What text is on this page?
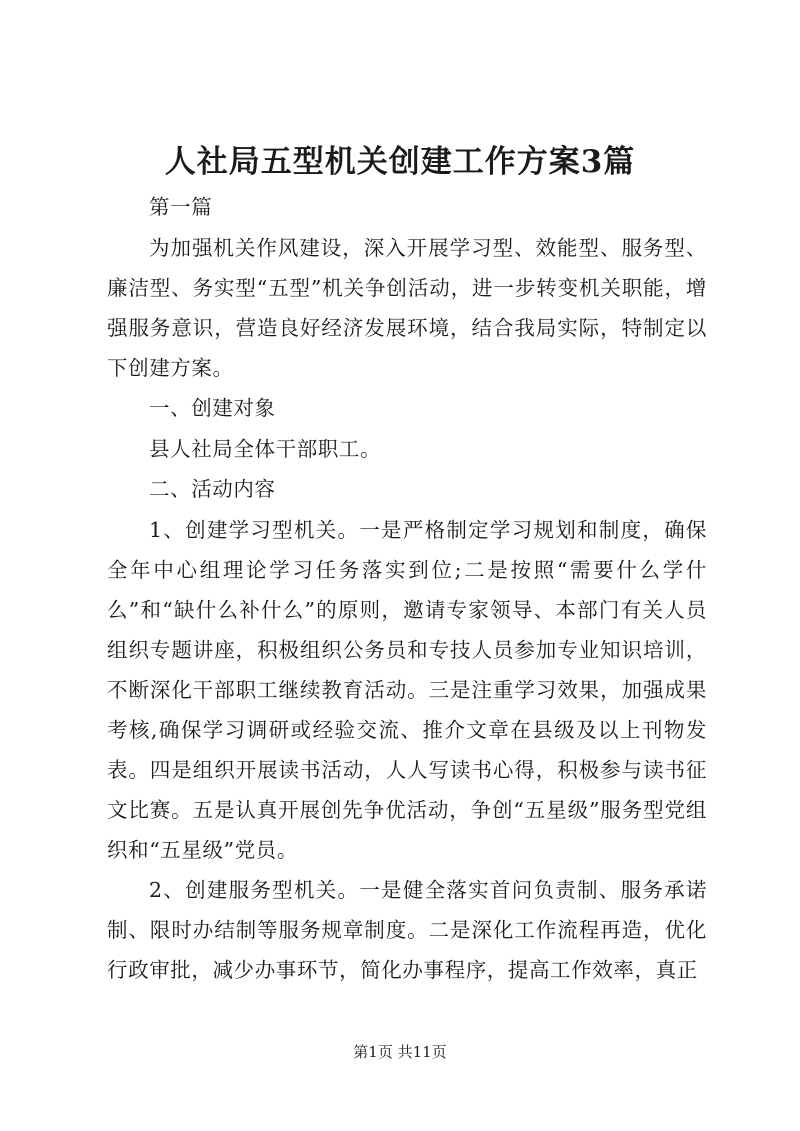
人社局五型机关创建工作方案3篇

第一篇

为加强机关作风建设，深入开展学习型、效能型、服务型、廉洁型、务实型“五型”机关争创活动，进一步转变机关职能，增强服务意识，营造良好经济发展环境，结合我局实际，特制定以下创建方案。

一、创建对象

县人社局全体干部职工。

二、活动内容

1、创建学习型机关。一是严格制定学习规划和制度，确保全年中心组理论学习任务落实到位;二是按照“需要什么学什么”和“缺什么补什么”的原则，邀请专家领导、本部门有关人员组织专题讲座，积极组织公务员和专技人员参加专业知识培训，不断深化干部职工继续教育活动。三是注重学习效果，加强成果考核,确保学习调研或经验交流、推介文章在县级及以上刊物发表。四是组织开展读书活动，人人写读书心得，积极参与读书征文比赛。五是认真开展创先争优活动，争创“五星级”服务型党组织和“五星级”党员。

2、创建服务型机关。一是健全落实首问负责制、服务承诺制、限时办结制等服务规章制度。二是深化工作流程再造，优化行政审批，减少办事环节，简化办事程序，提高工作效率，真正

第1页 共11页
